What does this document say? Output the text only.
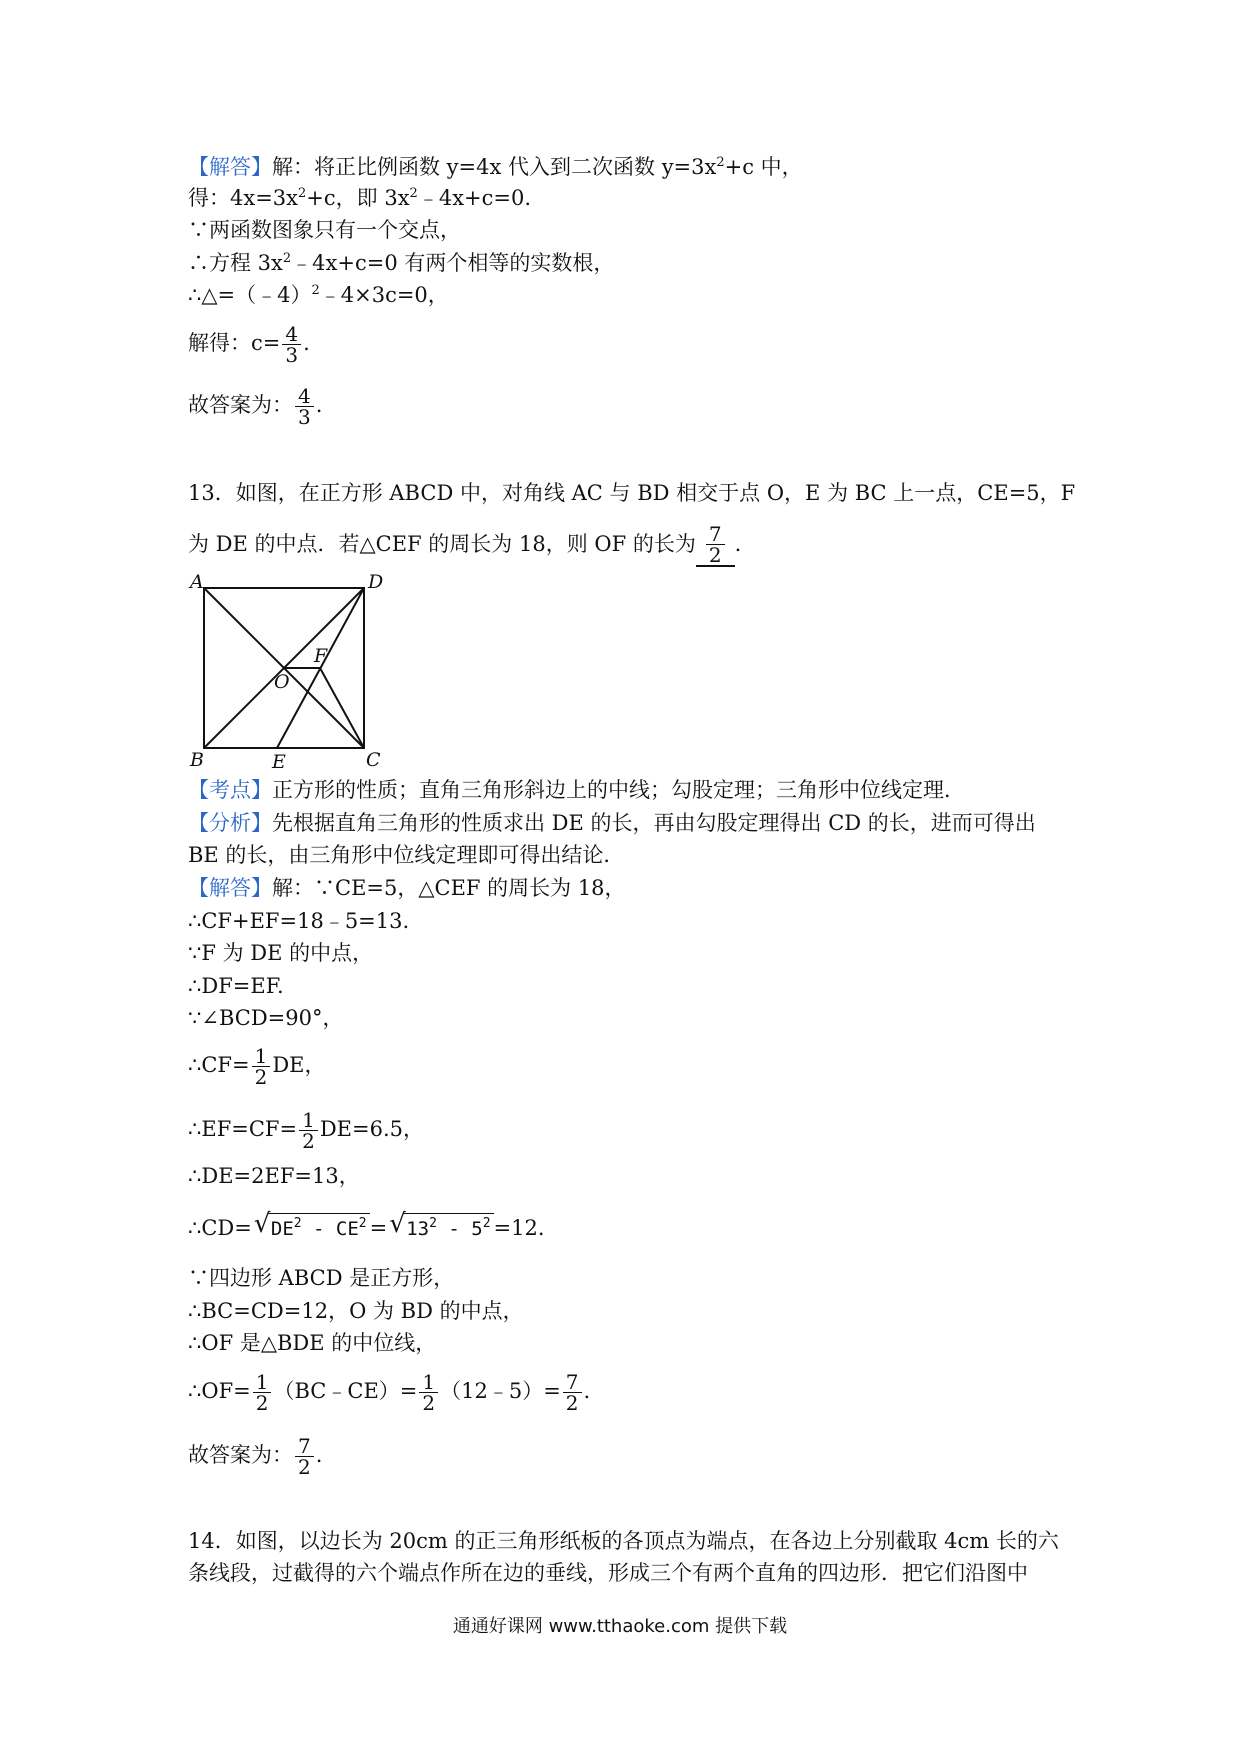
【解答】解：将正比例函数 y=4x 代入到二次函数 $y=3x^2+c$ 中，
得：$4x=3x^2+c$，即 $3x^2﹣4x+c=0$.
∵两函数图象只有一个交点，
∴方程 $3x^2﹣4x+c=0$ 有两个相等的实数根，
∴△=（﹣4）$^2$﹣4×3c=0，
解得：$c= \frac{4}{3}$ .
故答案为： $\frac{4}{3}$ .
13．如图，在正方形 ABCD 中，对角线 AC 与 BD 相交于点 O，E 为 BC 上一点，CE=5，F
为 DE 的中点．若△CEF 的周长为 18，则 OF 的长为 $\frac{7}{2}$ .
A	D
B	C
E
F
O
【考点】正方形的性质；直角三角形斜边上的中线；勾股定理；三角形中位线定理．
【分析】先根据直角三角形的性质求出 DE 的长，再由勾股定理得出 CD 的长，进而可得出
BE 的长，由三角形中位线定理即可得出结论．
【解答】解：∵CE=5，△CEF 的周长为 18，
∴CF+EF=18﹣5=13.
∵F 为 DE 的中点，
∴DF=EF.
∵∠BCD=90°，
∴CF= $\frac{1}{2}$ DE，
∴EF=CF= $\frac{1}{2} DE=6.5$，
∴DE=2EF=13，
∴CD= √ $DE^2 - CE^2$ = √ $13^2 - 5^2 =12$.
∵四边形 ABCD 是正方形，
∴BC=CD=12，O 为 BD 的中点，
∴OF 是△BDE 的中位线，
∴OF= $\frac{1}{2}$ （BC﹣CE）= $\frac{1}{2}$ （12﹣5）= $\frac{7}{2}$ .
故答案为： $\frac{7}{2}$ .
14．如图，以边长为 20cm 的正三角形纸板的各顶点为端点，在各边上分别截取 4cm 长的六
条线段，过截得的六个端点作所在边的垂线，形成三个有两个直角的四边形．把它们沿图中
通通好课网 www.tthaoke.com 提供下载
